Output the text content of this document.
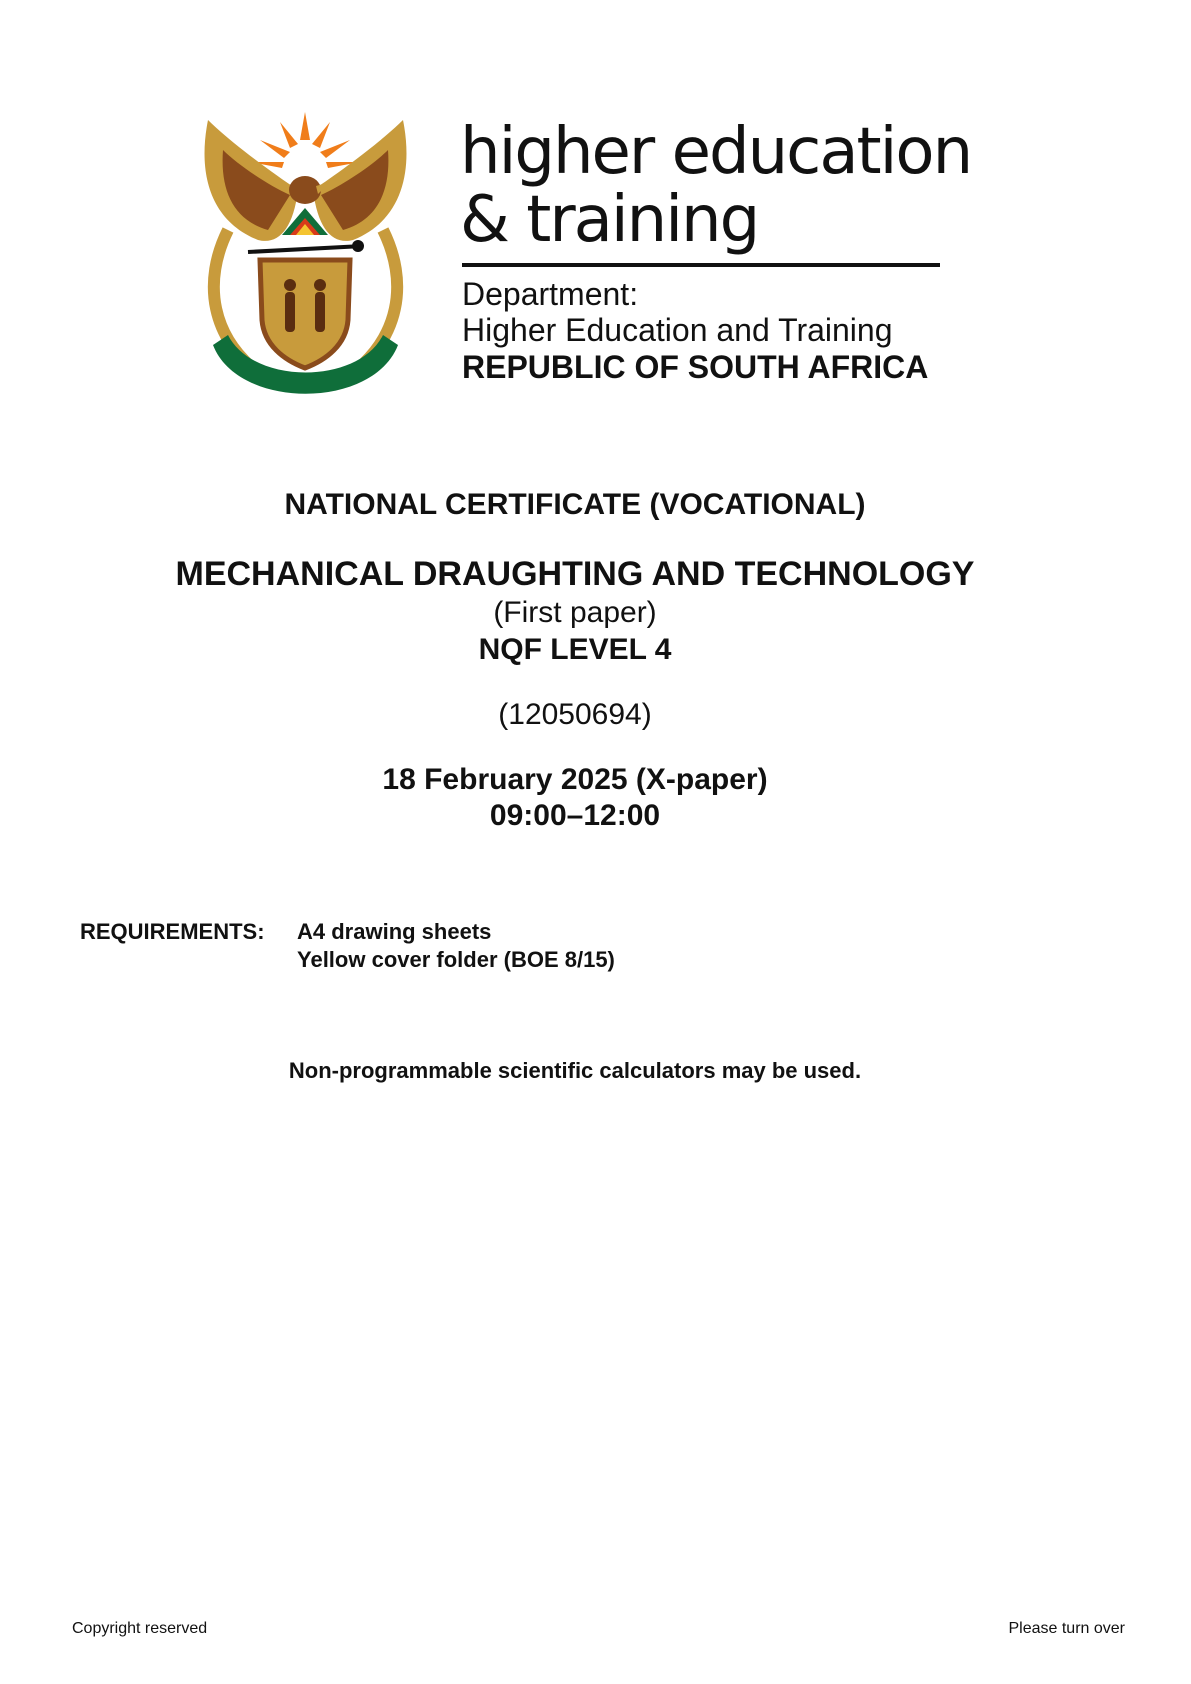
higher education
& training
Department:
Higher Education and Training
REPUBLIC OF SOUTH AFRICA
NATIONAL CERTIFICATE (VOCATIONAL)
MECHANICAL DRAUGHTING AND TECHNOLOGY
(First paper)
NQF LEVEL 4
(12050694)
18 February 2025 (X-paper)
09:00–12:00
REQUIREMENTS: A4 drawing sheets
Yellow cover folder (BOE 8/15)
Non-programmable scientific calculators may be used.
Copyright reserved	Please turn over
